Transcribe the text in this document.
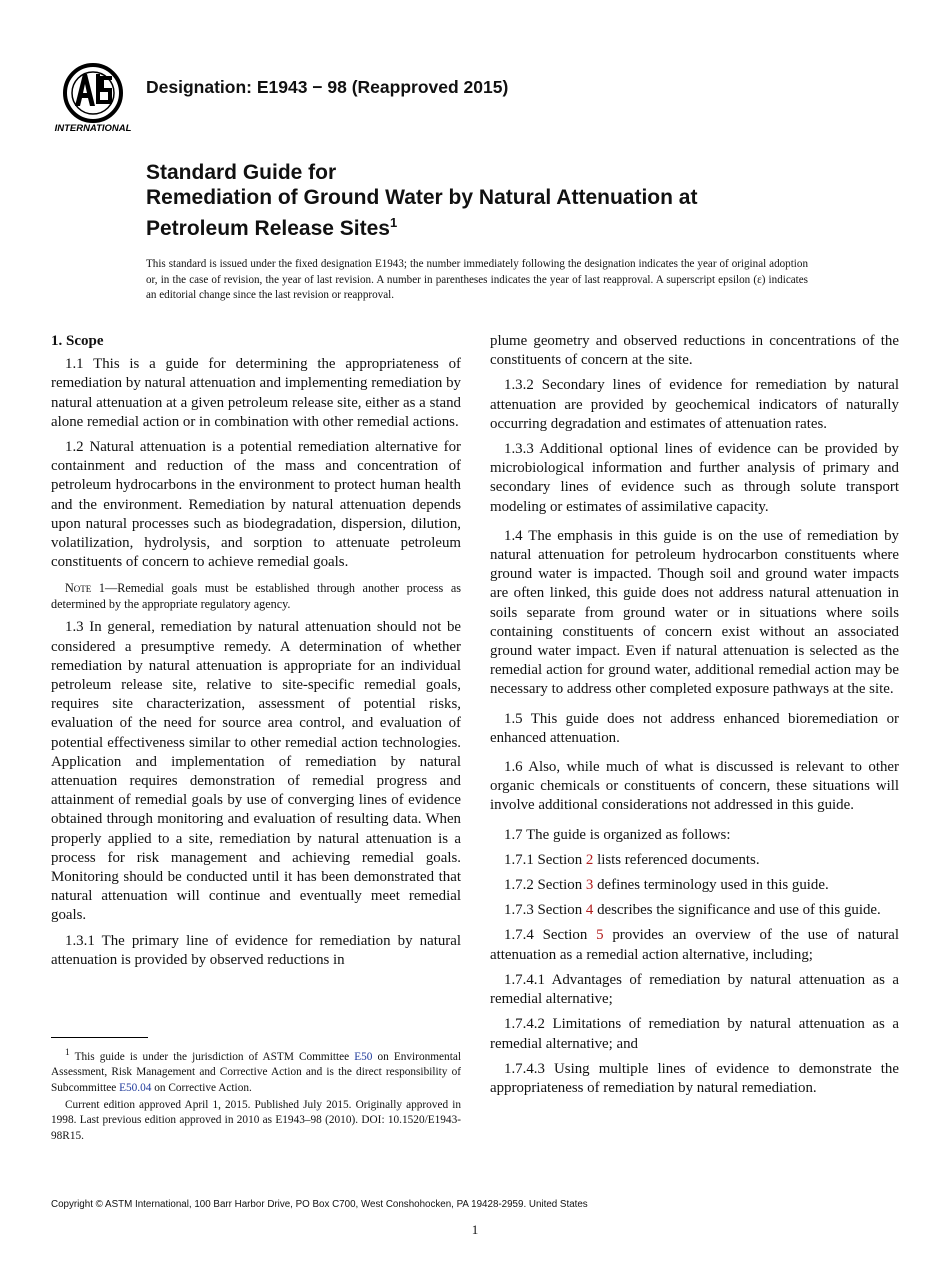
INTERNATIONAL
Designation: E1943 − 98 (Reapproved 2015)
Standard Guide for
Remediation of Ground Water by Natural Attenuation at
Petroleum Release Sites$^1$
This standard is issued under the fixed designation E1943; the number immediately following the designation indicates the year of original adoption or, in the case of revision, the year of last revision. A number in parentheses indicates the year of last reapproval. A superscript epsilon (ε) indicates an editorial change since the last revision or reapproval.
1. Scope

1.1 This is a guide for determining the appropriateness of remediation by natural attenuation and implementing remediation by natural attenuation at a given petroleum release site, either as a stand alone remedial action or in combination with other remedial actions.

1.2 Natural attenuation is a potential remediation alternative for containment and reduction of the mass and concentration of petroleum hydrocarbons in the environment to protect human health and the environment. Remediation by natural attenuation depends upon natural processes such as biodegradation, dispersion, dilution, volatilization, hydrolysis, and sorption to attenuate petroleum constituents of concern to achieve remedial goals.

Note 1—Remedial goals must be established through another process as determined by the appropriate regulatory agency.

1.3 In general, remediation by natural attenuation should not be considered a presumptive remedy. A determination of whether remediation by natural attenuation is appropriate for an individual petroleum release site, relative to site-specific remedial goals, requires site characterization, assessment of potential risks, evaluation of the need for source area control, and evaluation of potential effectiveness similar to other remedial action technologies. Application and implementation of remediation by natural attenuation requires demonstration of remedial progress and attainment of remedial goals by use of converging lines of evidence obtained through monitoring and evaluation of resulting data. When properly applied to a site, remediation by natural attenuation is a process for risk management and achieving remedial goals. Monitoring should be conducted until it has been demonstrated that natural attenuation will continue and eventually meet remedial goals.

1.3.1 The primary line of evidence for remediation by natural attenuation is provided by observed reductions in

plume geometry and observed reductions in concentrations of the constituents of concern at the site.

1.3.2 Secondary lines of evidence for remediation by natural attenuation are provided by geochemical indicators of naturally occurring degradation and estimates of attenuation rates.

1.3.3 Additional optional lines of evidence can be provided by microbiological information and further analysis of primary and secondary lines of evidence such as through solute transport modeling or estimates of assimilative capacity.

1.4 The emphasis in this guide is on the use of remediation by natural attenuation for petroleum hydrocarbon constituents where ground water is impacted. Though soil and ground water impacts are often linked, this guide does not address natural attenuation in soils separate from ground water or in situations where soils containing constituents of concern exist without an associated ground water impact. Even if natural attenuation is selected as the remedial action for ground water, additional remedial action may be necessary to address other completed exposure pathways at the site.

1.5 This guide does not address enhanced bioremediation or enhanced attenuation.

1.6 Also, while much of what is discussed is relevant to other organic chemicals or constituents of concern, these situations will involve additional considerations not addressed in this guide.

1.7 The guide is organized as follows:

1.7.1 Section 2 lists referenced documents.

1.7.2 Section 3 defines terminology used in this guide.

1.7.3 Section 4 describes the significance and use of this guide.

1.7.4 Section 5 provides an overview of the use of natural attenuation as a remedial action alternative, including;

1.7.4.1 Advantages of remediation by natural attenuation as a remedial alternative;

1.7.4.2 Limitations of remediation by natural attenuation as a remedial alternative; and

1.7.4.3 Using multiple lines of evidence to demonstrate the appropriateness of remediation by natural remediation.

$^1$ This guide is under the jurisdiction of ASTM Committee E50 on Environmental Assessment, Risk Management and Corrective Action and is the direct responsibility of Subcommittee E50.04 on Corrective Action.

Current edition approved April 1, 2015. Published July 2015. Originally approved in 1998. Last previous edition approved in 2010 as E1943–98 (2010). DOI: 10.1520/E1943-98R15.

Copyright © ASTM International, 100 Barr Harbor Drive, PO Box C700, West Conshohocken, PA 19428-2959. United States
1
